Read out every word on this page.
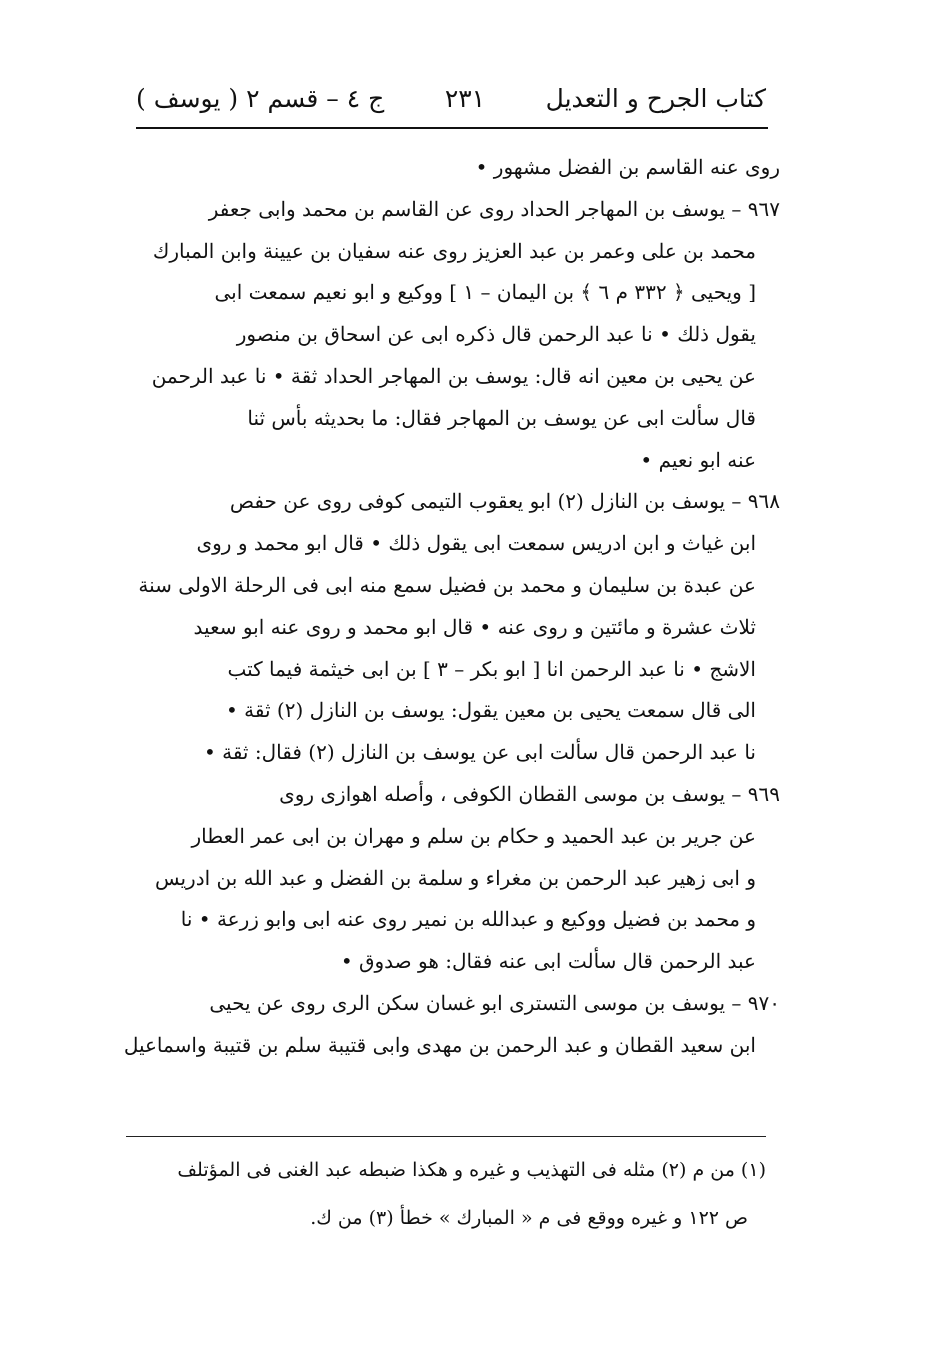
( يوسف ) ج ٤ – قسم ٢ ٢٣١ كتاب الجرح و التعديل
روى عنه القاسم بن الفضل مشهور •
٩٦٧ – يوسف بن المهاجر الحداد روى عن القاسم بن محمد وابى جعفر
محمد بن على وعمر بن عبد العزيز روى عنه سفيان بن عيينة وابن المبارك
[ ويحيى ﴿ ٣٣٢ م ٦ ﴾ بن اليمان – ١ ] ووكيع و ابو نعيم سمعت ابى
يقول ذلك • نا عبد الرحمن قال ذكره ابى عن اسحاق بن منصور
عن يحيى بن معين انه قال: يوسف بن المهاجر الحداد ثقة • نا عبد الرحمن
قال سألت ابى عن يوسف بن المهاجر فقال: ما بحديثه بأس ثنا
عنه ابو نعيم •
٩٦٨ – يوسف بن النازل (٢) ابو يعقوب التيمى كوفى روى عن حفص
ابن غياث و ابن ادريس سمعت ابى يقول ذلك • قال ابو محمد و روى
عن عبدة بن سليمان و محمد بن فضيل سمع منه ابى فى الرحلة الاولى سنة
ثلاث عشرة و مائتين و روى عنه • قال ابو محمد و روى عنه ابو سعيد
الاشج • نا عبد الرحمن انا [ ابو بكر – ٣ ] بن ابى خيثمة فيما كتب
الى قال سمعت يحيى بن معين يقول: يوسف بن النازل (٢) ثقة •
نا عبد الرحمن قال سألت ابى عن يوسف بن النازل (٢) فقال: ثقة •
٩٦٩ – يوسف بن موسى القطان الكوفى ، وأصله اهوازى روى
عن جرير بن عبد الحميد و حكام بن سلم و مهران بن ابى عمر العطار
و ابى زهير عبد الرحمن بن مغراء و سلمة بن الفضل و عبد الله بن ادريس
و محمد بن فضيل ووكيع و عبدالله بن نمير روى عنه ابى وابو زرعة • نا
عبد الرحمن قال سألت ابى عنه فقال: هو صدوق •
٩٧٠ – يوسف بن موسى التسترى ابو غسان سكن الرى روى عن يحيى
ابن سعيد القطان و عبد الرحمن بن مهدى وابى قتيبة سلم بن قتيبة واسماعيل
(١) من م (٢) مثله فى التهذيب و غيره و هكذا ضبطه عبد الغنى فى المؤتلف
ص ١٢٢ و غيره ووقع فى م « المبارك » خطأ (٣) من ك.
